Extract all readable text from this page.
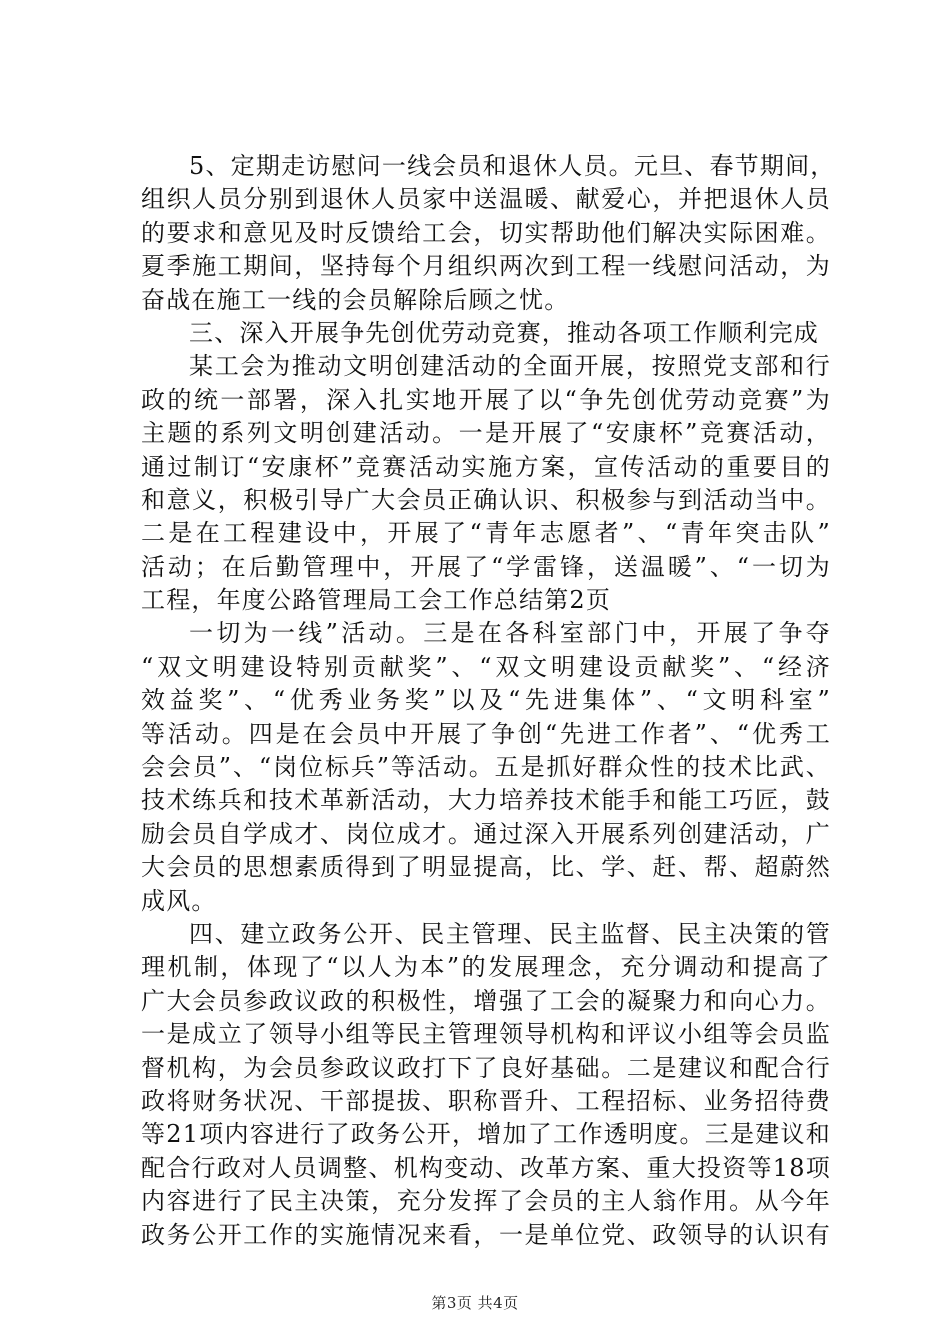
5、定期走访慰问一线会员和退休人员。元旦、春节期间，
组织人员分别到退休人员家中送温暖、献爱心，并把退休人员
的要求和意见及时反馈给工会，切实帮助他们解决实际困难。
夏季施工期间，坚持每个月组织两次到工程一线慰问活动，为
奋战在施工一线的会员解除后顾之忧。
三、深入开展争先创优劳动竞赛，推动各项工作顺利完成
某工会为推动文明创建活动的全面开展，按照党支部和行
政的统一部署，深入扎实地开展了以“争先创优劳动竞赛”为
主题的系列文明创建活动。一是开展了“安康杯”竞赛活动，
通过制订“安康杯”竞赛活动实施方案，宣传活动的重要目的
和意义，积极引导广大会员正确认识、积极参与到活动当中。
二是在工程建设中，开展了“青年志愿者”、“青年突击队”
活动；在后勤管理中，开展了“学雷锋，送温暖”、“一切为
工程，年度公路管理局工会工作总结第2页
一切为一线”活动。三是在各科室部门中，开展了争夺
“双文明建设特别贡献奖”、“双文明建设贡献奖”、“经济
效益奖”、“优秀业务奖”以及“先进集体”、“文明科室”
等活动。四是在会员中开展了争创“先进工作者”、“优秀工
会会员”、“岗位标兵”等活动。五是抓好群众性的技术比武、
技术练兵和技术革新活动，大力培养技术能手和能工巧匠，鼓
励会员自学成才、岗位成才。通过深入开展系列创建活动，广
大会员的思想素质得到了明显提高，比、学、赶、帮、超蔚然
成风。
四、建立政务公开、民主管理、民主监督、民主决策的管
理机制，体现了“以人为本”的发展理念，充分调动和提高了
广大会员参政议政的积极性，增强了工会的凝聚力和向心力。
一是成立了领导小组等民主管理领导机构和评议小组等会员监
督机构，为会员参政议政打下了良好基础。二是建议和配合行
政将财务状况、干部提拔、职称晋升、工程招标、业务招待费
等21项内容进行了政务公开，增加了工作透明度。三是建议和
配合行政对人员调整、机构变动、改革方案、重大投资等18项
内容进行了民主决策，充分发挥了会员的主人翁作用。从今年
政务公开工作的实施情况来看，一是单位党、政领导的认识有
第3页 共4页
